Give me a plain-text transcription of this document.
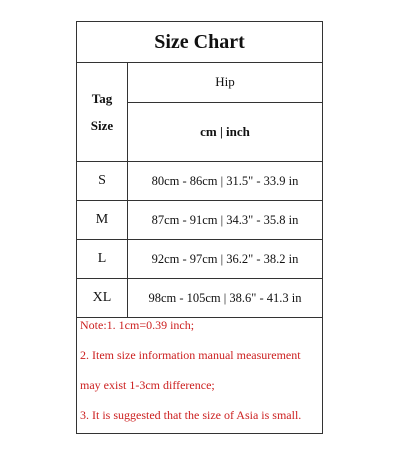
Size Chart
Tag
Size
Hip
cm | inch
S	80cm - 86cm | 31.5" - 33.9 in
M	87cm - 91cm | 34.3" - 35.8 in
L	92cm - 97cm | 36.2" - 38.2 in
XL	98cm - 105cm | 38.6" - 41.3 in
Note:1. 1cm=0.39 inch;
2. Item size information manual measurement
may exist 1-3cm difference;
3. It is suggested that the size of Asia is small.
